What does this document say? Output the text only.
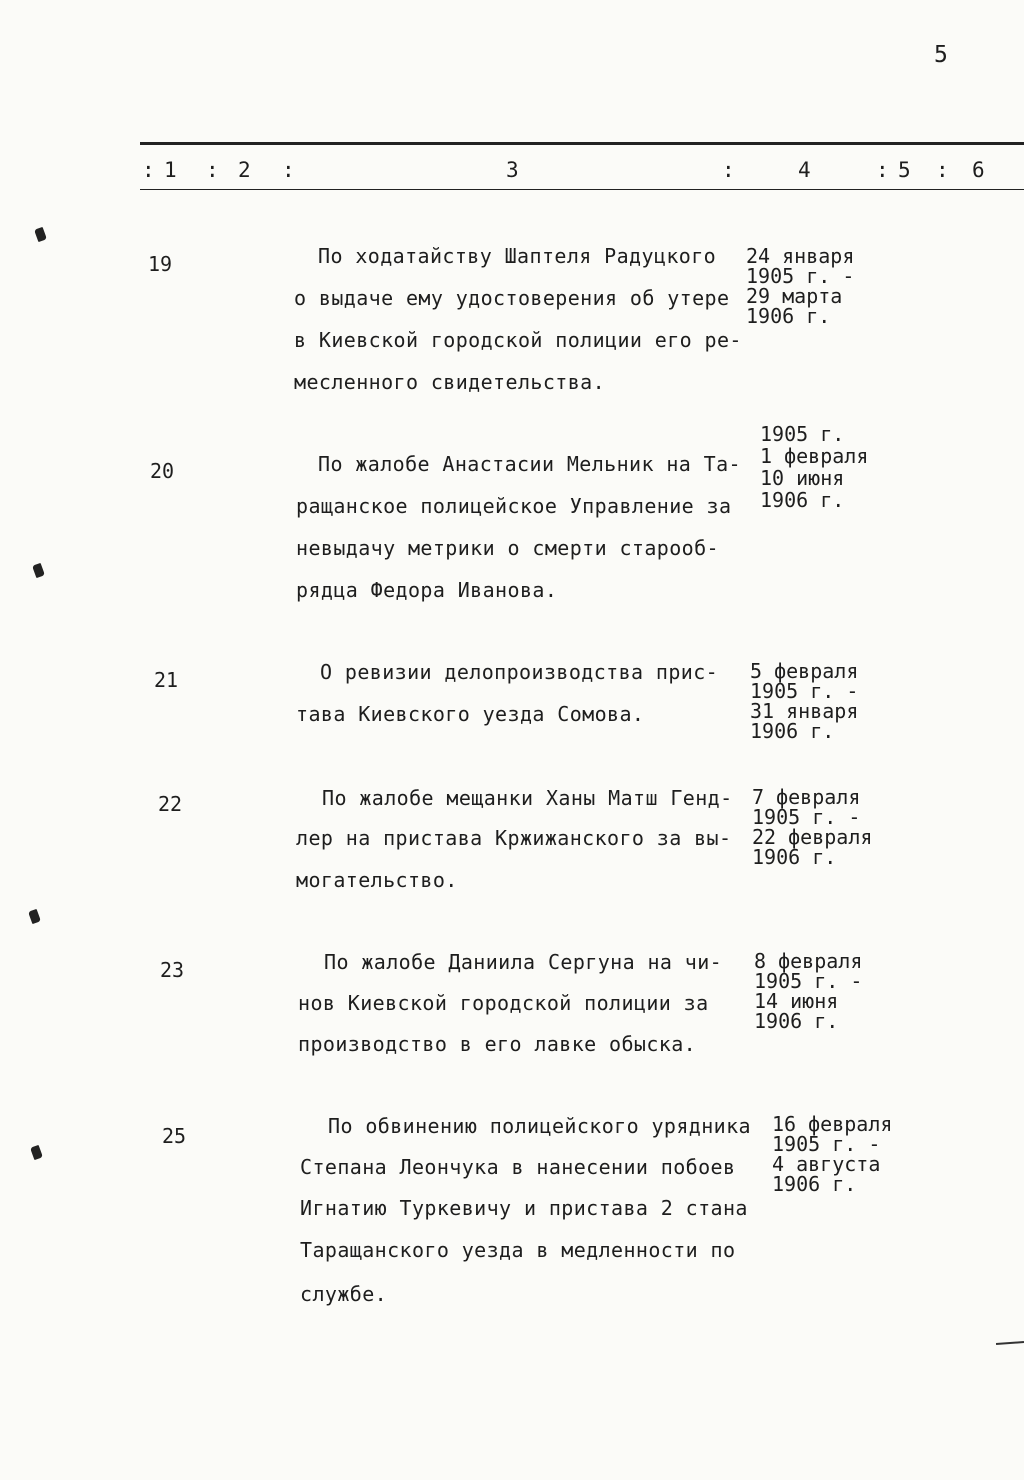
5
: 1 : 2 :	3	:	4	: 5 : 6
19	По ходатайству Шаптеля Радуцкого
о выдаче ему удостоверения об утере
в Киевской городской полиции его ре-
месленного свидетельства.
24 января
1905 г. -
29 марта
1906 г.
20	По жалобе Анастасии Мельник на Та-
ращанское полицейское Управление за
невыдачу метрики о смерти старооб-
рядца Федора Иванова.
1905 г.
1 февраля
10 июня
1906 г.
21	О ревизии делопроизводства прис-
тава Киевского уезда Сомова.
5 февраля
1905 г. -
31 января
1906 г.
22	По жалобе мещанки Ханы Матш Генд-
лер на пристава Кржижанского за вы-
могательство.
7 февраля
1905 г. -
22 февраля
1906 г.
23	По жалобе Даниила Сергуна на чи-
нов Киевской городской полиции за
производство в его лавке обыска.
8 февраля
1905 г. -
14 июня
1906 г.
25	По обвинению полицейского урядника
Степана Леончука в нанесении побоев
Игнатию Туркевичу и пристава 2 стана
Таращанского уезда в медленности по
службе.
16 февраля
1905 г. -
4 августа
1906 г.
